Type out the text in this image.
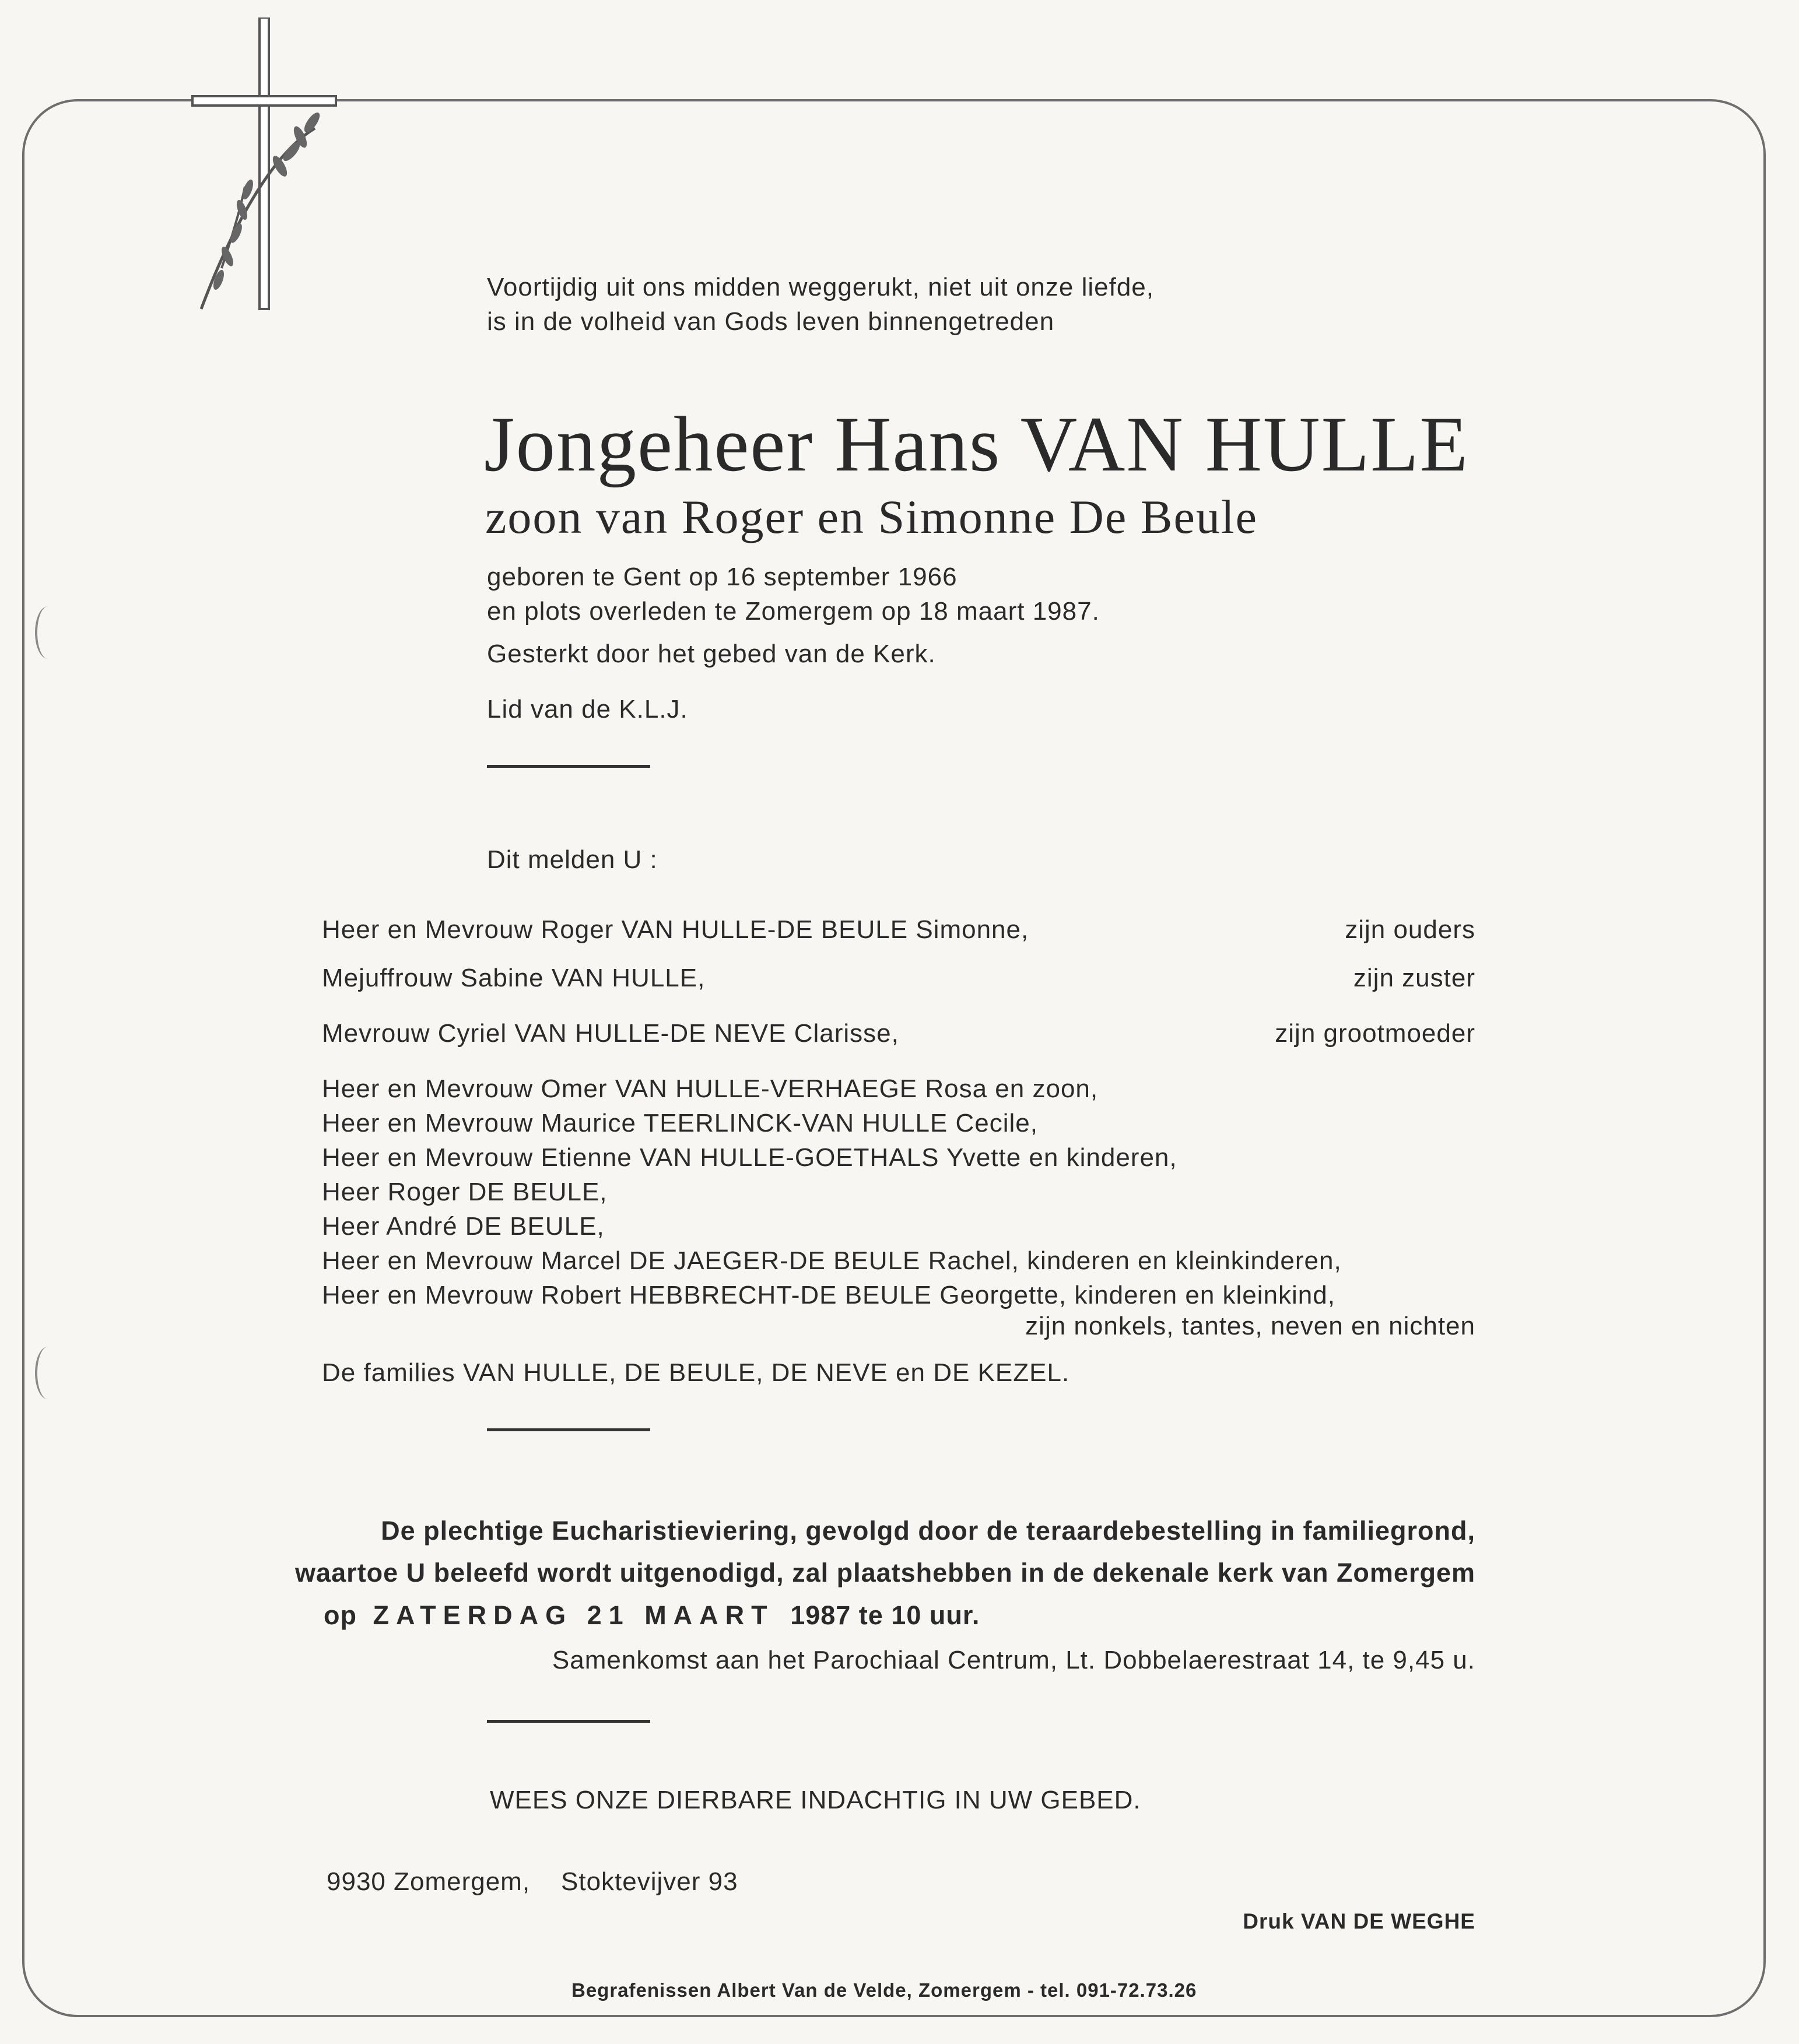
Voortijdig uit ons midden weggerukt, niet uit onze liefde,
is in de volheid van Gods leven binnengetreden
Jongeheer Hans VAN HULLE
zoon van Roger en Simonne De Beule
geboren te Gent op 16 september 1966
en plots overleden te Zomergem op 18 maart 1987.
Gesterkt door het gebed van de Kerk.
Lid van de K.L.J.
Dit melden U :
Heer en Mevrouw Roger VAN HULLE-DE BEULE Simonne,	zijn ouders
Mejuffrouw Sabine VAN HULLE,	zijn zuster
Mevrouw Cyriel VAN HULLE-DE NEVE Clarisse,	zijn grootmoeder
Heer en Mevrouw Omer VAN HULLE-VERHAEGE Rosa en zoon,
Heer en Mevrouw Maurice TEERLINCK-VAN HULLE Cecile,
Heer en Mevrouw Etienne VAN HULLE-GOETHALS Yvette en kinderen,
Heer Roger DE BEULE,
Heer André DE BEULE,
Heer en Mevrouw Marcel DE JAEGER-DE BEULE Rachel, kinderen en kleinkinderen,
Heer en Mevrouw Robert HEBBRECHT-DE BEULE Georgette, kinderen en kleinkind,
zijn nonkels, tantes, neven en nichten
De families VAN HULLE, DE BEULE, DE NEVE en DE KEZEL.
De plechtige Eucharistieviering, gevolgd door de teraardebestelling in familiegrond,
waartoe U beleefd wordt uitgenodigd, zal plaatshebben in de dekenale kerk van Zomergem
op ZATERDAG 21 MAART 1987 te 10 uur.
Samenkomst aan het Parochiaal Centrum, Lt. Dobbelaerestraat 14, te 9,45 u.
WEES ONZE DIERBARE INDACHTIG IN UW GEBED.
9930 Zomergem, Stoktevijver 93
Druk VAN DE WEGHE
Begrafenissen Albert Van de Velde, Zomergem - tel. 091-72.73.26
